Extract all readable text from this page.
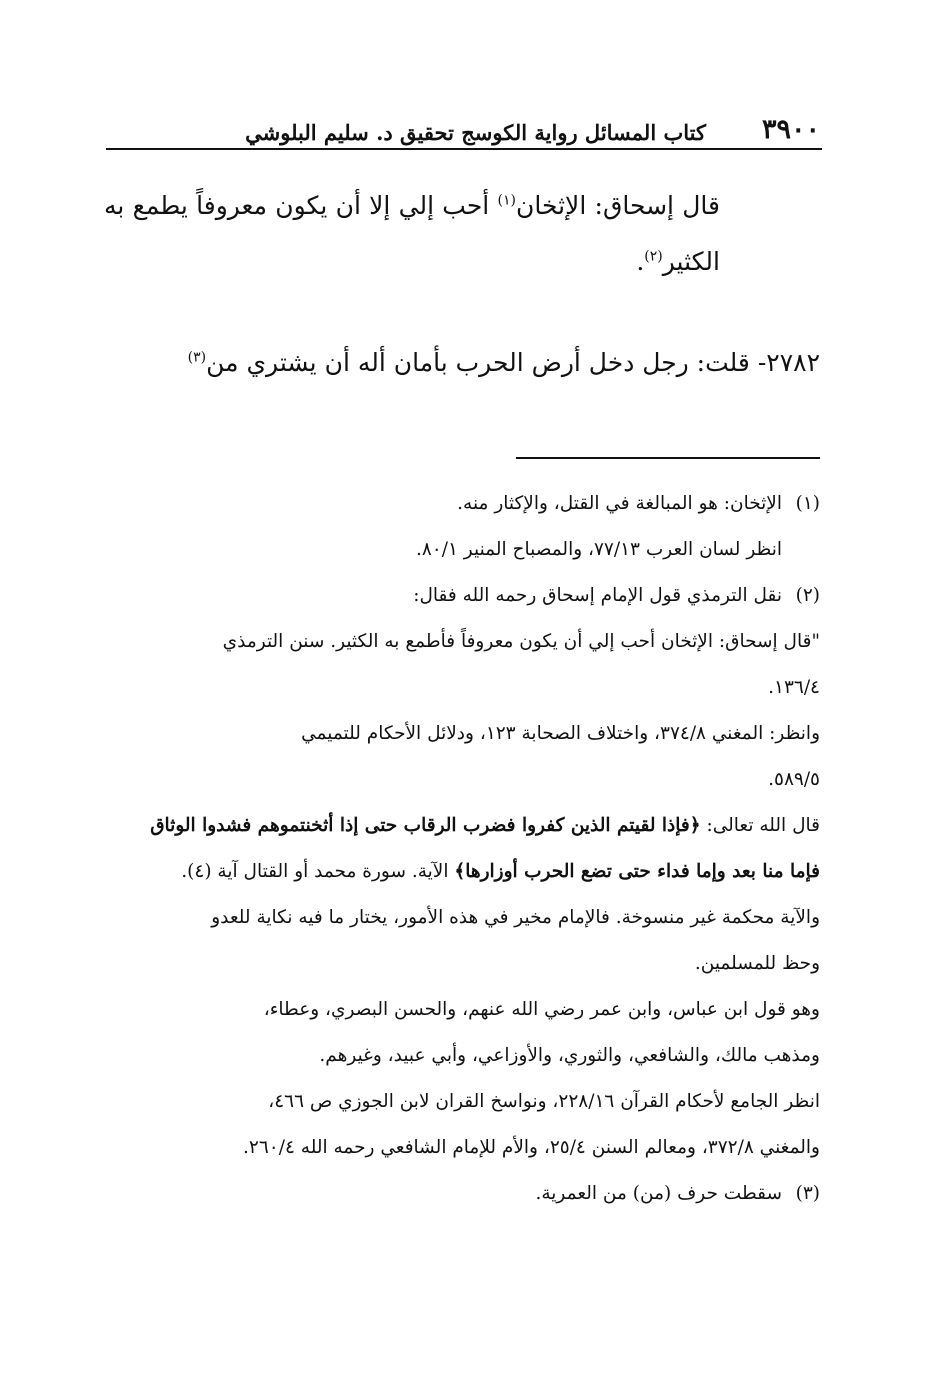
٣٩٠٠
كتاب المسائل رواية الكوسج تحقيق د. سليم البلوشي
قال إسحاق: الإثخان$^{(١)}$ أحب إلي إلا أن يكون معروفاً يطمع به الكثير$^{(٢)}$.
٢٧٨٢- قلت: رجل دخل أرض الحرب بأمان أله أن يشتري من$^{(٣)}$
(١)الإثخان: هو المبالغة في القتل، والإكثار منه.
انظر لسان العرب ٧٧/١٣، والمصباح المنير ٨٠/١.
(٢)نقل الترمذي قول الإمام إسحاق رحمه الله فقال:
"قال إسحاق: الإثخان أحب إلي أن يكون معروفاً فأطمع به الكثير. سنن الترمذي
١٣٦/٤.
وانظر: المغني ٣٧٤/٨، واختلاف الصحابة ١٢٣، ودلائل الأحكام للتميمي
٥٨٩/٥.
قال الله تعالى: ﴿فإذا لقيتم الذين كفروا فضرب الرقاب حتى إذا أثخنتموهم فشدوا الوثاق
فإما منا بعد وإما فداء حتى تضع الحرب أوزارها﴾ الآية. سورة محمد أو القتال آية (٤).
والآية محكمة غير منسوخة. فالإمام مخير في هذه الأمور، يختار ما فيه نكاية للعدو
وحظ للمسلمين.
وهو قول ابن عباس، وابن عمر رضي الله عنهم، والحسن البصري، وعطاء،
ومذهب مالك، والشافعي، والثوري، والأوزاعي، وأبي عبيد، وغيرهم.
انظر الجامع لأحكام القرآن ٢٢٨/١٦، ونواسخ القران لابن الجوزي ص ٤٦٦،
والمغني ٣٧٢/٨، ومعالم السنن ٢٥/٤، والأم للإمام الشافعي رحمه الله ٢٦٠/٤.
(٣)سقطت حرف (من) من العمرية.
